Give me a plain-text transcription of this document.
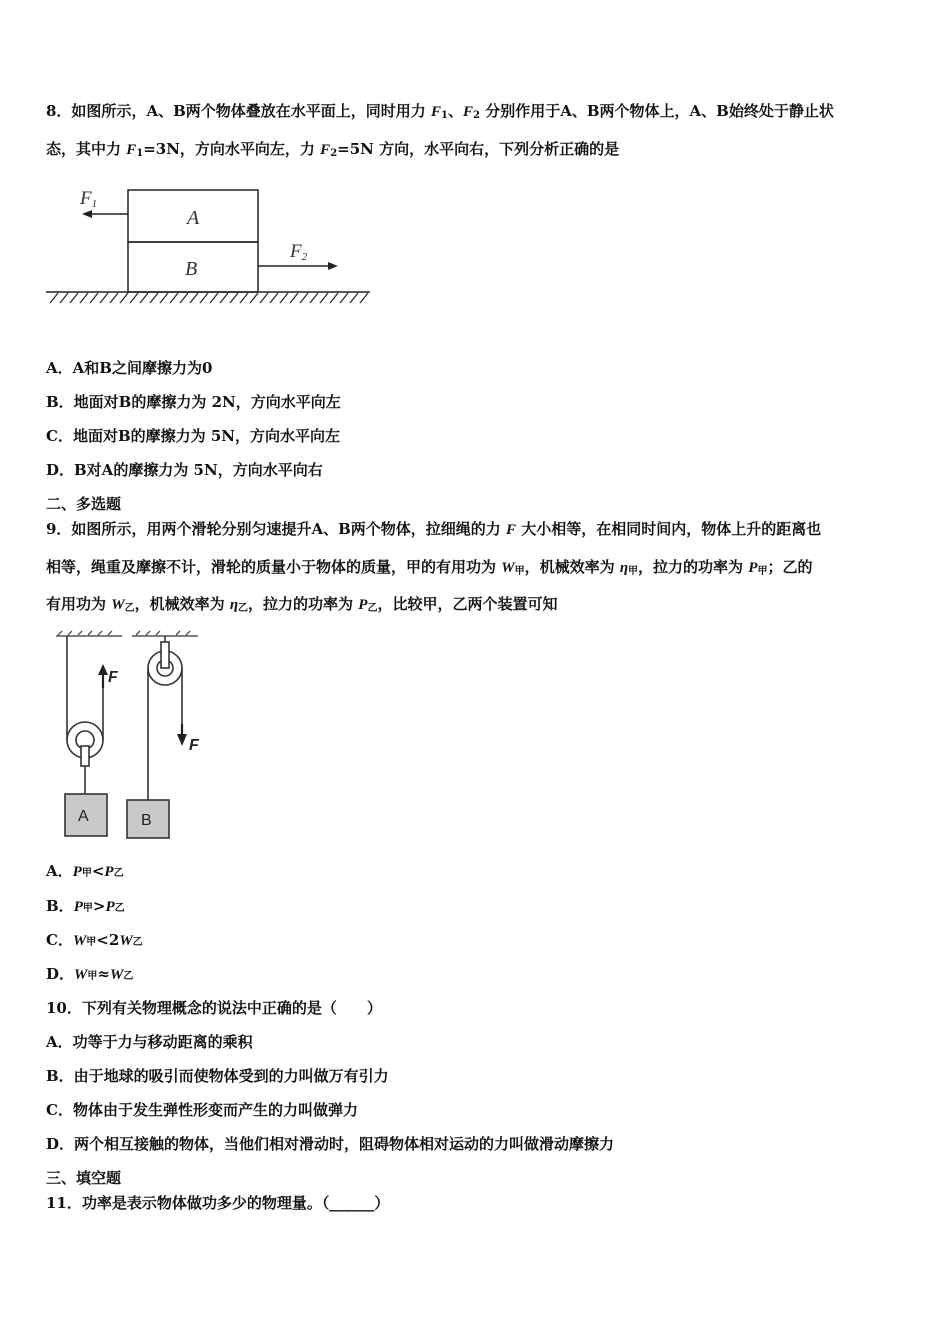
8．如图所示，A、B两个物体叠放在水平面上，同时用力 $F_1$、$F_2$ 分别作用于A、B两个物体上，A、B始终处于静止状
态，其中力 $F_1=3N$，方向水平向左，力 $F_2=5N$ 方向，水平向右，下列分析正确的是
F1
F2
A
B
A．A和B之间摩擦力为0
B．地面对B的摩擦力为 2N，方向水平向左
C．地面对B的摩擦力为 5N，方向水平向左
D．B对A的摩擦力为 5N，方向水平向右
二、多选题
9．如图所示，用两个滑轮分别匀速提升A、B两个物体，拉细绳的力 F 大小相等，在相同时间内，物体上升的距离也
相等，绳重及摩擦不计，滑轮的质量小于物体的质量，甲的有用功为 $W_甲$，机械效率为 $\eta_甲$，拉力的功率为 $P_甲$；乙的
有用功为 $W_乙$，机械效率为 $\eta_乙$，拉力的功率为 $P_乙$，比较甲，乙两个装置可知
F
A
F
B
A．P甲<P乙
B．P甲>P乙
C．W甲<2W乙
D．W甲≈W乙
10．下列有关物理概念的说法中正确的是（　　）
A．功等于力与移动距离的乘积
B．由于地球的吸引而使物体受到的力叫做万有引力
C．物体由于发生弹性形变而产生的力叫做弹力
D．两个相互接触的物体，当他们相对滑动时，阻碍物体相对运动的力叫做滑动摩擦力
三、填空题
11．功率是表示物体做功多少的物理量。（______）
